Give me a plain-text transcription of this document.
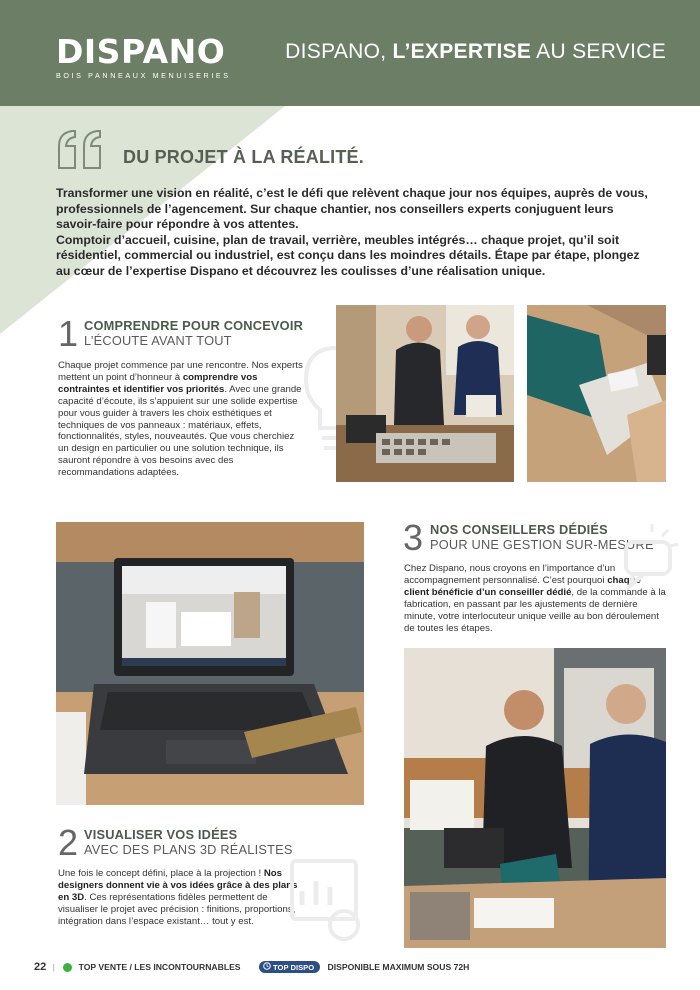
DISPANO
BOIS PANNEAUX MENUISERIES
DISPANO, L’EXPERTISE AU SERVICE
DU PROJET À LA RÉALITÉ.
Transformer une vision en réalité, c’est le défi que relèvent chaque jour nos équipes, auprès de vous, professionnels de l’agencement. Sur chaque chantier, nos conseillers experts conjuguent leurs savoir-faire pour répondre à vos attentes.
Comptoir d’accueil, cuisine, plan de travail, verrière, meubles intégrés… chaque projet, qu’il soit résidentiel, commercial ou industriel, est conçu dans les moindres détails. Étape par étape, plongez au cœur de l’expertise Dispano et découvrez les coulisses d’une réalisation unique.
1 COMPRENDRE POUR CONCEVOIR
L’ÉCOUTE AVANT TOUT
Chaque projet commence par une rencontre. Nos experts mettent un point d’honneur à comprendre vos contraintes et identifier vos priorités. Avec une grande capacité d’écoute, ils s’appuient sur une solide expertise pour vous guider à travers les choix esthétiques et techniques de vos panneaux : matériaux, effets, fonctionnalités, styles, nouveautés. Que vous cherchiez un design en particulier ou une solution technique, ils sauront répondre à vos besoins avec des recommandations adaptées.
2 VISUALISER VOS IDÉES
AVEC DES PLANS 3D RÉALISTES
Une fois le concept défini, place à la projection ! Nos designers donnent vie à vos idées grâce à des plans en 3D. Ces représentations fidèles permettent de visualiser le projet avec précision : finitions, proportions, intégration dans l’espace existant… tout y est.
3 NOS CONSEILLERS DÉDIÉS
POUR UNE GESTION SUR-MESURE
Chez Dispano, nous croyons en l’importance d’un accompagnement personnalisé. C’est pourquoi chaque client bénéficie d’un conseiller dédié, de la commande à la fabrication, en passant par les ajustements de dernière minute, votre interlocuteur unique veille au bon déroulement de toutes les étapes.
22 |	TOP VENTE / LES INCONTOURNABLES	TOP DISPO DISPONIBLE MAXIMUM SOUS 72H
